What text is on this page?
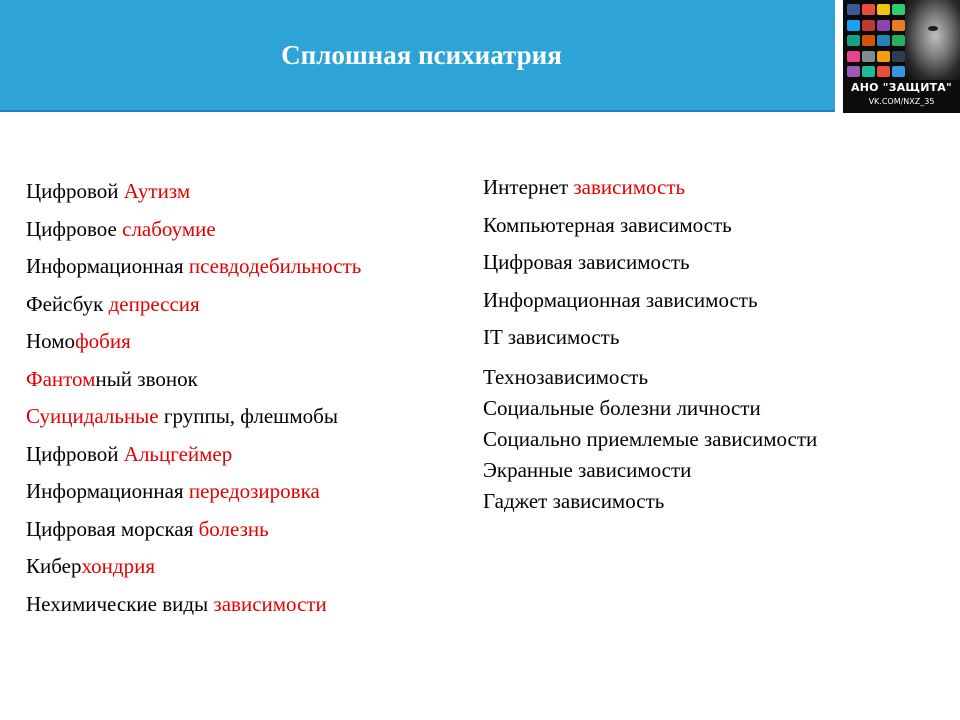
Сплошная психиатрия
АНО "ЗАЩИТА"
VK.COM/NXZ_35
Цифровой Аутизм
Цифровое слабоумие
Информационная псевдодебильность
Фейсбук депрессия
Номофобия
Фантомный звонок
Суицидальные группы, флешмобы
Цифровой Альцгеймер
Информационная передозировка
Цифровая морская болезнь
Киберхондрия
Нехимические виды зависимости
Интернет зависимость
Компьютерная зависимость
Цифровая зависимость
Информационная зависимость
IT зависимость
Технозависимость
Социальные болезни личности
Социально приемлемые зависимости
Экранные зависимости
Гаджет зависимость
